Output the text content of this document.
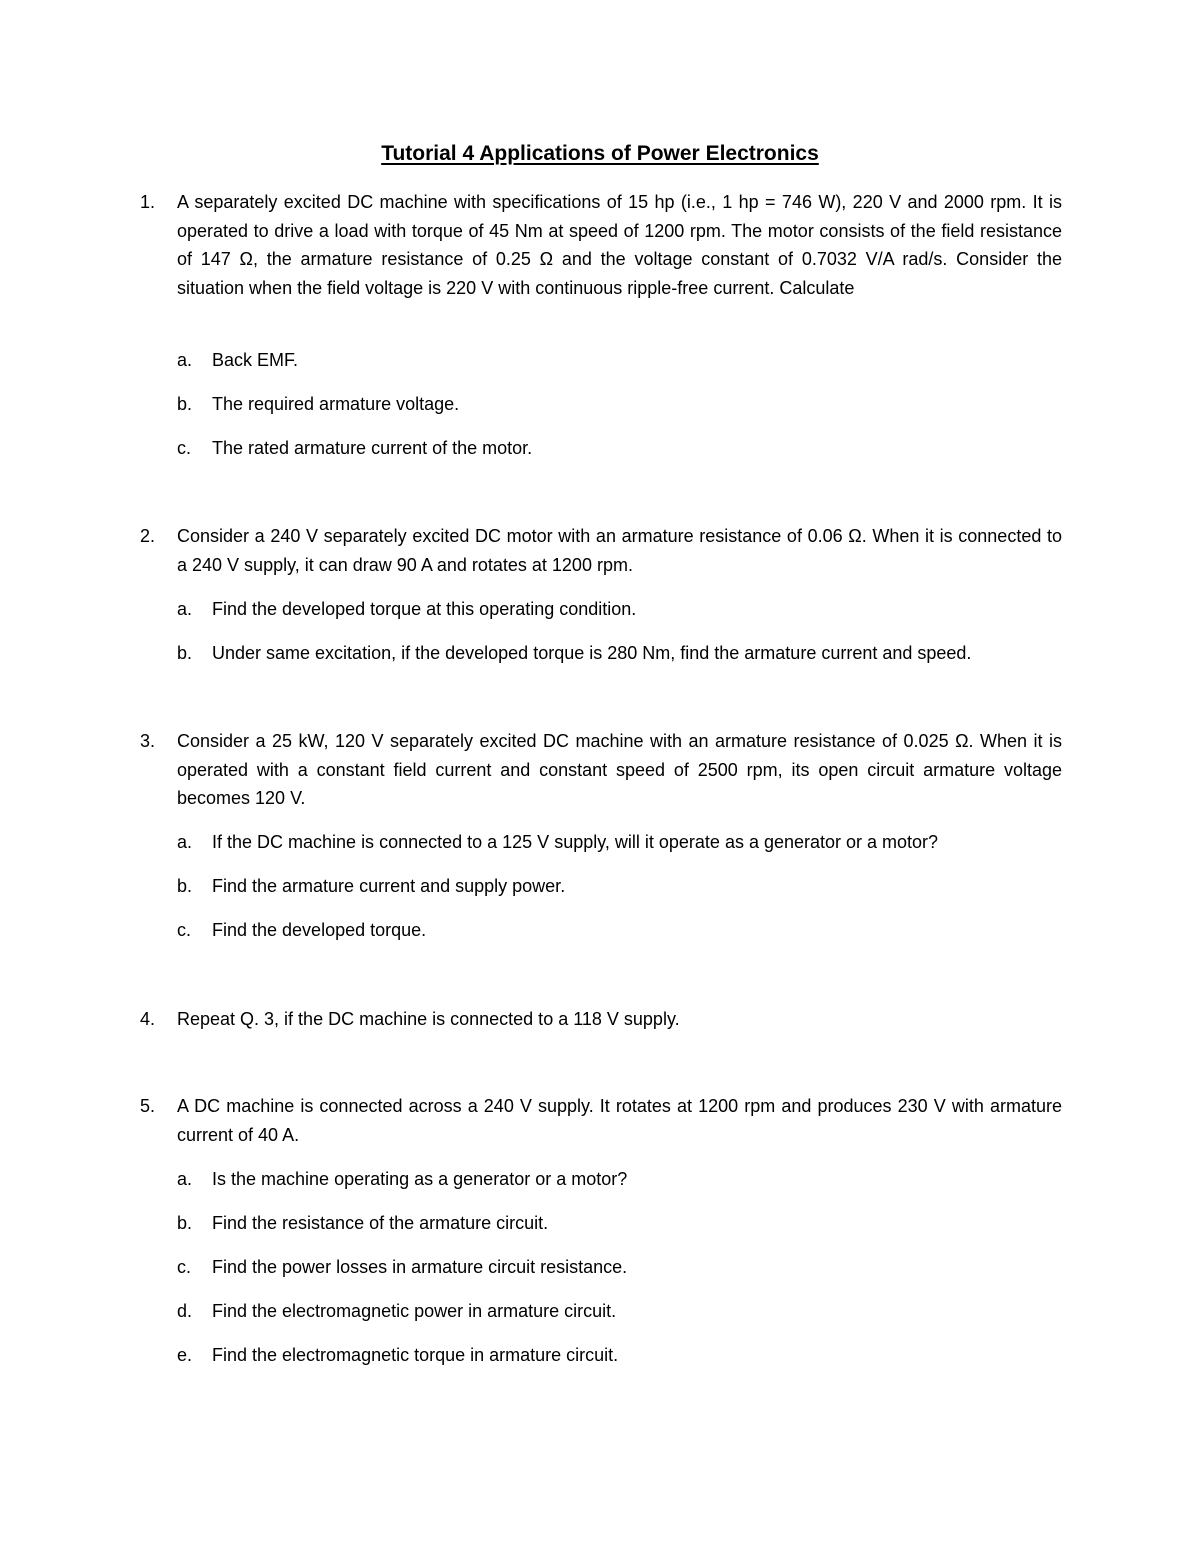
Tutorial 4 Applications of Power Electronics
1. A separately excited DC machine with specifications of 15 hp (i.e., 1 hp = 746 W), 220 V and 2000 rpm. It is operated to drive a load with torque of 45 Nm at speed of 1200 rpm. The motor consists of the field resistance of 147 Ω, the armature resistance of 0.25 Ω and the voltage constant of 0.7032 V/A rad/s. Consider the situation when the field voltage is 220 V with continuous ripple-free current. Calculate

a. Back EMF.
b. The required armature voltage.
c. The rated armature current of the motor.
2. Consider a 240 V separately excited DC motor with an armature resistance of 0.06 Ω. When it is connected to a 240 V supply, it can draw 90 A and rotates at 1200 rpm.

a. Find the developed torque at this operating condition.
b. Under same excitation, if the developed torque is 280 Nm, find the armature current and speed.
3. Consider a 25 kW, 120 V separately excited DC machine with an armature resistance of 0.025 Ω. When it is operated with a constant field current and constant speed of 2500 rpm, its open circuit armature voltage becomes 120 V.

a. If the DC machine is connected to a 125 V supply, will it operate as a generator or a motor?
b. Find the armature current and supply power.
c. Find the developed torque.
4. Repeat Q. 3, if the DC machine is connected to a 118 V supply.

5. A DC machine is connected across a 240 V supply. It rotates at 1200 rpm and produces 230 V with armature current of 40 A.

a. Is the machine operating as a generator or a motor?
b. Find the resistance of the armature circuit.
c. Find the power losses in armature circuit resistance.
d. Find the electromagnetic power in armature circuit.
e. Find the electromagnetic torque in armature circuit.
